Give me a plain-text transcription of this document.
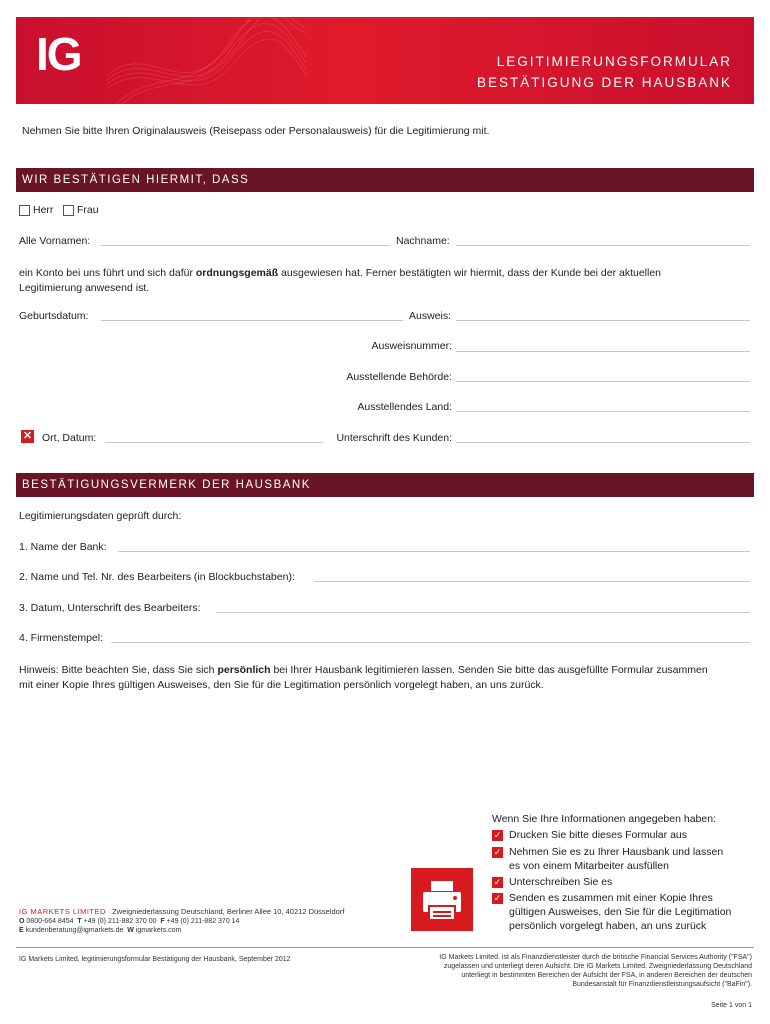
IG	LEGITIMIERUNGSFORMULAR
BESTÄTIGUNG DER HAUSBANK
Nehmen Sie bitte Ihren Originalausweis (Reisepass oder Personalausweis) für die Legitimierung mit.
WIR BESTÄTIGEN HIERMIT, DASS
Herr Frau
Alle Vornamen:	Nachname:
ein Konto bei uns führt und sich dafür ordnungsgemäß ausgewiesen hat. Ferner bestätigten wir hiermit, dass der Kunde bei der aktuellen
Legitimierung anwesend ist.
Geburtsdatum:	Ausweis:
Ausweisnummer:
Ausstellende Behörde:
Ausstellendes Land:
✕ Ort, Datum:	Unterschrift des Kunden:
BESTÄTIGUNGSVERMERK DER HAUSBANK
Legitimierungsdaten geprüft durch:
1. Name der Bank:
2. Name und Tel. Nr. des Bearbeiters (in Blockbuchstaben):
3. Datum, Unterschrift des Bearbeiters:
4. Firmenstempel:
Hinweis: Bitte beachten Sie, dass Sie sich persönlich bei Ihrer Hausbank legitimieren lassen. Senden Sie bitte das ausgefüllte Formular zusammen
mit einer Kopie Ihres gültigen Ausweises, den Sie für die Legitimation persönlich vorgelegt haben, an uns zurück.
Wenn Sie Ihre Informationen angegeben haben:
✓ Drucken Sie bitte dieses Formular aus
✓ Nehmen Sie es zu Ihrer Hausbank und lassen
es von einem Mitarbeiter ausfüllen
✓ Unterschreiben Sie es
✓ Senden es zusammen mit einer Kopie Ihres
gültigen Ausweises, den Sie für die Legitimation
persönlich vorgelegt haben, an uns zurück
IG MARKETS LIMITED Zweigniederlassung Deutschland, Berliner Allee 10, 40212 Düsseldorf
O 0800-664 8454 T +49 (0) 211-882 370 00 F +49 (0) 211-882 370 14
E kundenberatung@igmarkets.de W igmarkets.com
IG Markets Limited, legitimierungsformular Bestätigung der Hausbank, September 2012	IG Markets Limited. ist als Finanzdienstleister durch die britische Financial Services Authority ("FSA")
zugelassen und unterliegt deren Aufsicht. Die IG Markets Limited. Zweigniederlassung Deutschland
unterliegt in bestimmten Bereichen der Aufsicht der FSA, in anderen Bereichen der deutschen
Bundesanstalt für Finanzdienstleistungsaufsicht ("BaFin").
Seite 1 von 1
